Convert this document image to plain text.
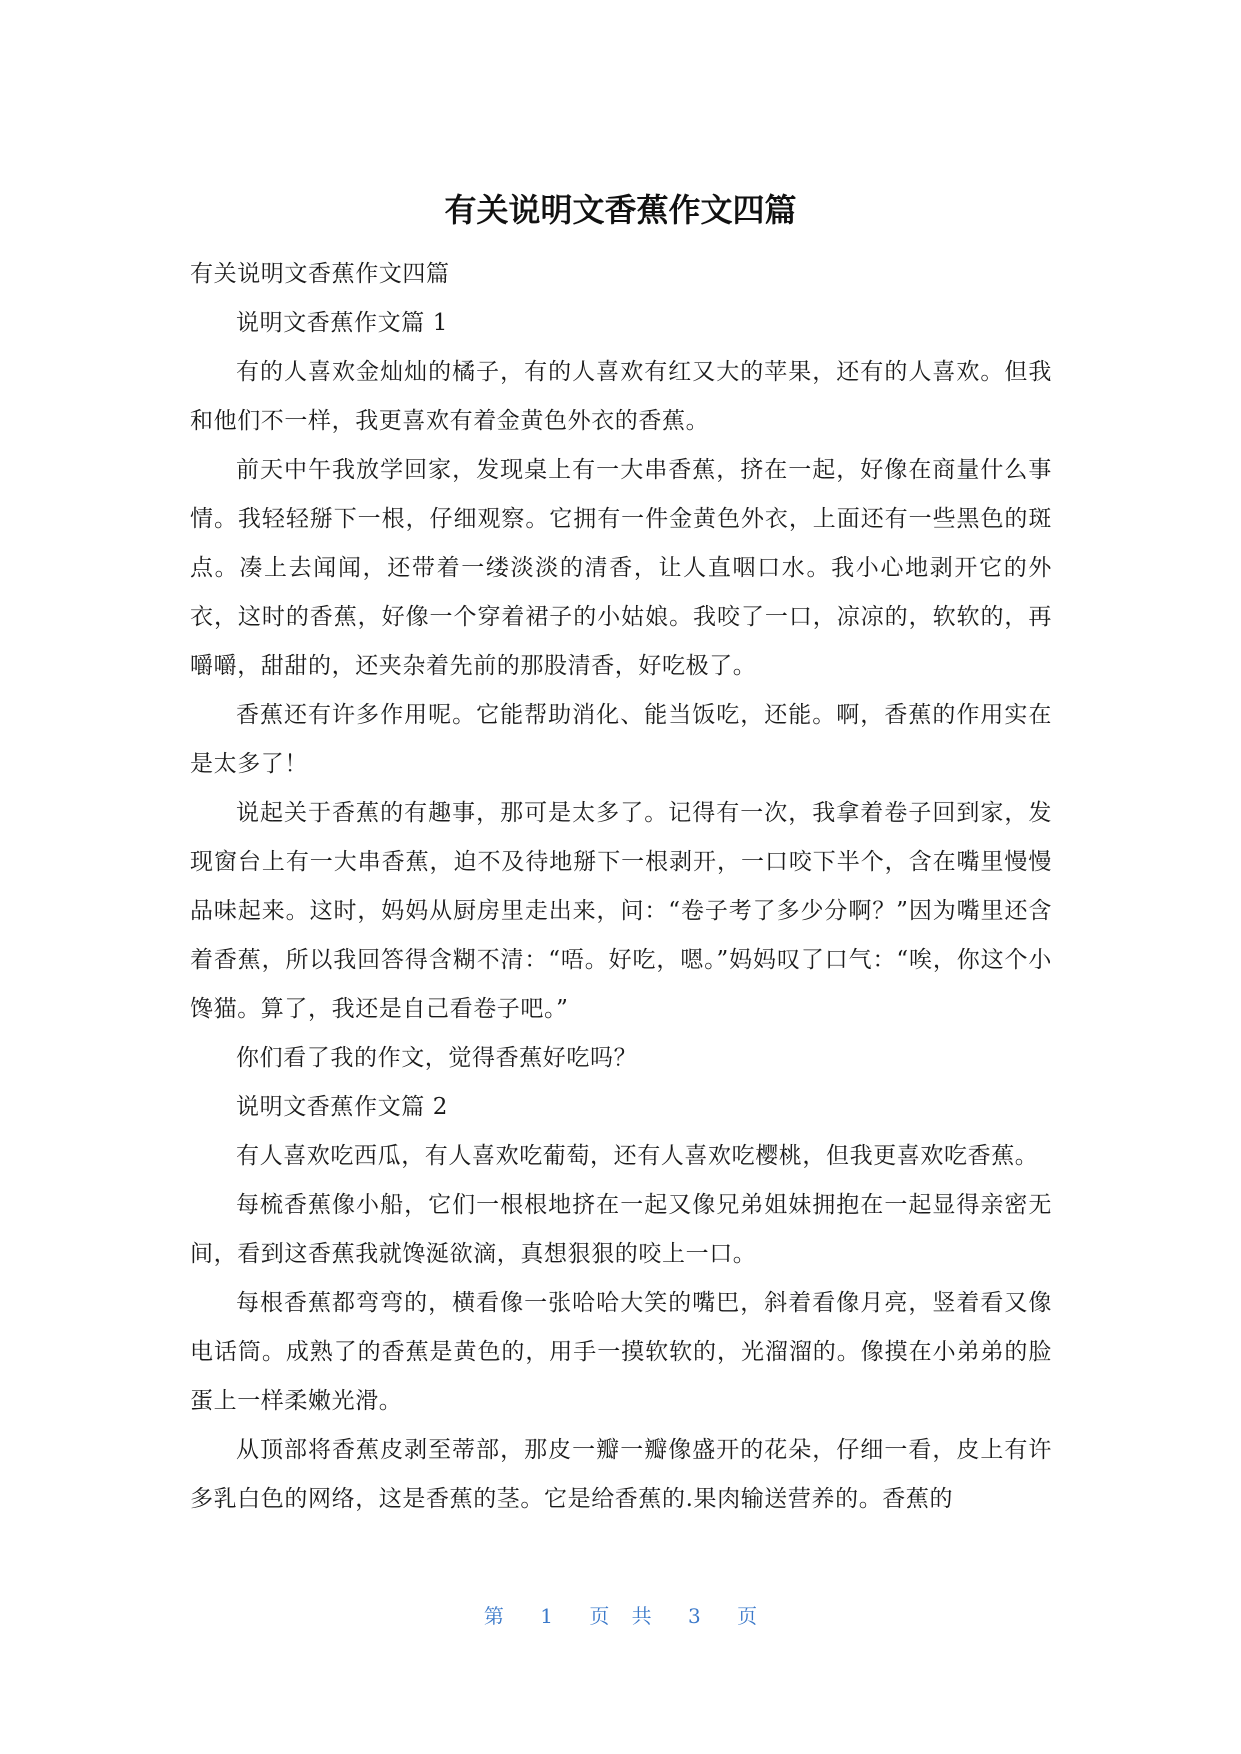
有关说明文香蕉作文四篇

有关说明文香蕉作文四篇

说明文香蕉作文篇 1

有的人喜欢金灿灿的橘子，有的人喜欢有红又大的苹果，还有的人喜欢。但我和他们不一样，我更喜欢有着金黄色外衣的香蕉。

前天中午我放学回家，发现桌上有一大串香蕉，挤在一起，好像在商量什么事情。我轻轻掰下一根，仔细观察。它拥有一件金黄色外衣，上面还有一些黑色的斑点。凑上去闻闻，还带着一缕淡淡的清香，让人直咽口水。我小心地剥开它的外衣，这时的香蕉，好像一个穿着裙子的小姑娘。我咬了一口，凉凉的，软软的，再嚼嚼，甜甜的，还夹杂着先前的那股清香，好吃极了。

香蕉还有许多作用呢。它能帮助消化、能当饭吃，还能。啊，香蕉的作用实在是太多了！

说起关于香蕉的有趣事，那可是太多了。记得有一次，我拿着卷子回到家，发现窗台上有一大串香蕉，迫不及待地掰下一根剥开，一口咬下半个，含在嘴里慢慢品味起来。这时，妈妈从厨房里走出来，问：“卷子考了多少分啊？”因为嘴里还含着香蕉，所以我回答得含糊不清：“唔。好吃，嗯。”妈妈叹了口气：“唉，你这个小馋猫。算了，我还是自己看卷子吧。”

你们看了我的作文，觉得香蕉好吃吗？

说明文香蕉作文篇 2

有人喜欢吃西瓜，有人喜欢吃葡萄，还有人喜欢吃樱桃，但我更喜欢吃香蕉。

每梳香蕉像小船，它们一根根地挤在一起又像兄弟姐妹拥抱在一起显得亲密无间，看到这香蕉我就馋涎欲滴，真想狠狠的咬上一口。

每根香蕉都弯弯的，横看像一张哈哈大笑的嘴巴，斜着看像月亮，竖着看又像电话筒。成熟了的香蕉是黄色的，用手一摸软软的，光溜溜的。像摸在小弟弟的脸蛋上一样柔嫩光滑。

从顶部将香蕉皮剥至蒂部，那皮一瓣一瓣像盛开的花朵，仔细一看，皮上有许多乳白色的网络，这是香蕉的茎。它是给香蕉的.果肉输送营养的。香蕉的

第 1 页 共 3 页
